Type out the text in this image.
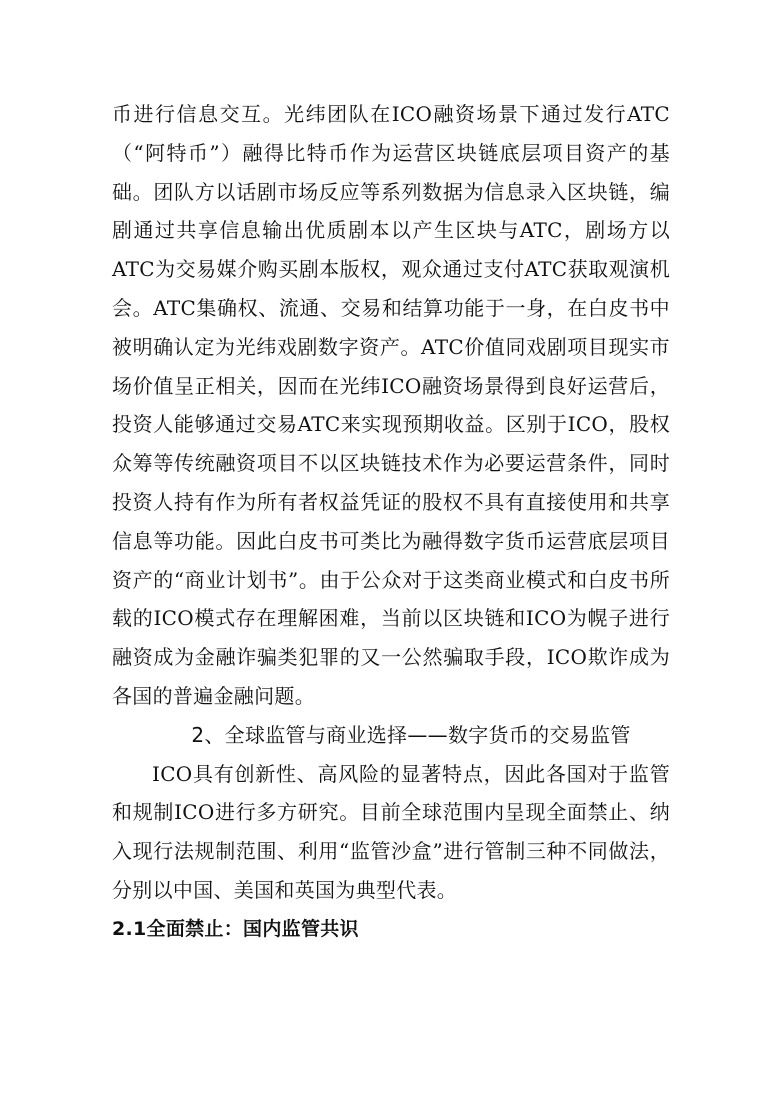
币进行信息交互。光纬团队在ICO融资场景下通过发行ATC（“阿特币”）融得比特币作为运营区块链底层项目资产的基础。团队方以话剧市场反应等系列数据为信息录入区块链，编剧通过共享信息输出优质剧本以产生区块与ATC，剧场方以ATC为交易媒介购买剧本版权，观众通过支付ATC获取观演机会。ATC集确权、流通、交易和结算功能于一身，在白皮书中被明确认定为光纬戏剧数字资产。ATC价值同戏剧项目现实市场价值呈正相关，因而在光纬ICO融资场景得到良好运营后，投资人能够通过交易ATC来实现预期收益。区别于ICO，股权众筹等传统融资项目不以区块链技术作为必要运营条件，同时投资人持有作为所有者权益凭证的股权不具有直接使用和共享信息等功能。因此白皮书可类比为融得数字货币运营底层项目资产的“商业计划书”。由于公众对于这类商业模式和白皮书所载的ICO模式存在理解困难，当前以区块链和ICO为幌子进行融资成为金融诈骗类犯罪的又一公然骗取手段，ICO欺诈成为各国的普遍金融问题。

2、全球监管与商业选择——数字货币的交易监管

ICO具有创新性、高风险的显著特点，因此各国对于监管和规制ICO进行多方研究。目前全球范围内呈现全面禁止、纳入现行法规制范围、利用“监管沙盒”进行管制三种不同做法，分别以中国、美国和英国为典型代表。

2.1全面禁止：国内监管共识
